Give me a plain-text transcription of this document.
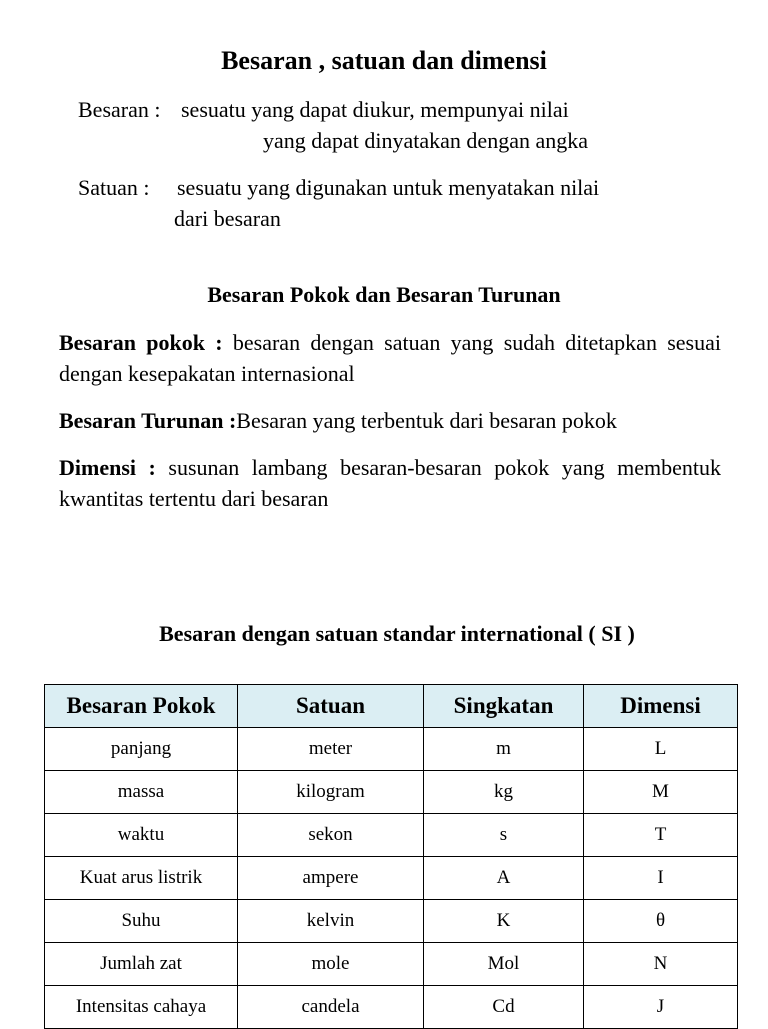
Besaran , satuan dan dimensi
Besaran : sesuatu yang dapat diukur, mempunyai nilai
yang dapat dinyatakan dengan angka
Satuan : sesuatu yang digunakan untuk menyatakan nilai
dari besaran
Besaran Pokok dan Besaran Turunan
Besaran pokok : besaran dengan satuan yang sudah ditetapkan sesuai dengan kesepakatan internasional
Besaran Turunan :Besaran yang terbentuk dari besaran pokok
Dimensi : susunan lambang besaran-besaran pokok yang membentuk kwantitas tertentu dari besaran
Besaran dengan satuan standar international ( SI )
Besaran Pokok	Satuan	Singkatan	Dimensi
panjang	meter	m	L
massa	kilogram	kg	M
waktu	sekon	s	T
Kuat arus listrik	ampere	A	I
Suhu	kelvin	K	θ
Jumlah zat	mole	Mol	N
Intensitas cahaya	candela	Cd	J
